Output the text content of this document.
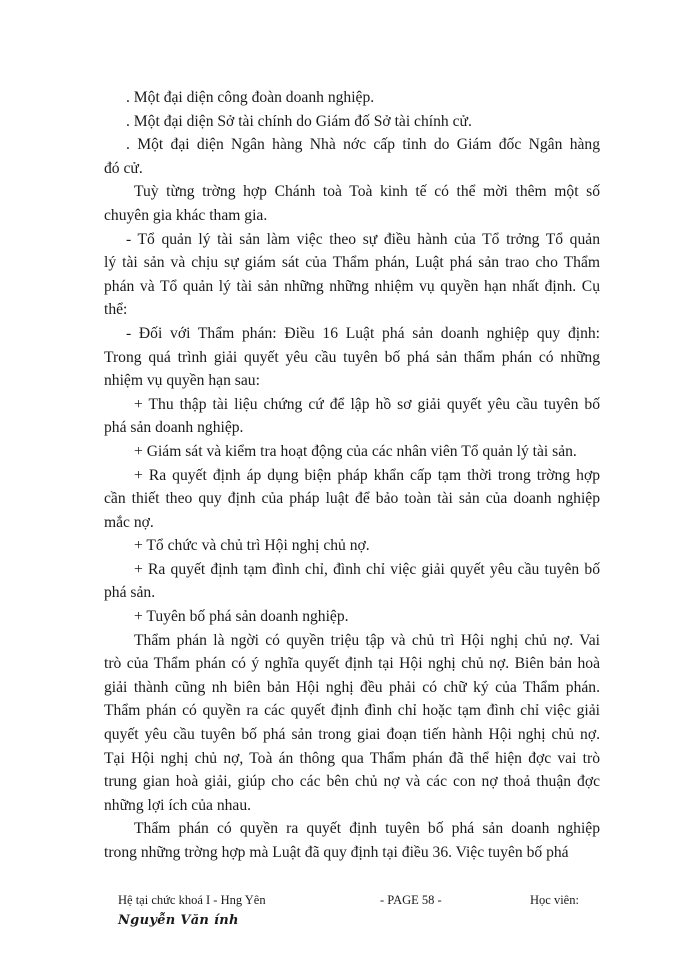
. Một đại diện công đoàn doanh nghiệp.
. Một đại diện Sở tài chính do Giám đố Sở tài chính cử.
. Một đại diện Ngân hàng Nhà nớc cấp tỉnh do Giám đốc Ngân hàng
đó cử.
Tuỳ từng trờng hợp Chánh toà Toà kinh tế có thể mời thêm một số
chuyên gia khác tham gia.
- Tổ quản lý tài sản làm việc theo sự điều hành của Tổ trởng Tổ quản
lý tài sản và chịu sự giám sát của Thẩm phán, Luật phá sản trao cho Thẩm
phán và Tổ quản lý tài sản những những nhiệm vụ quyền hạn nhất định. Cụ
thể:
- Đối với Thẩm phán: Điều 16 Luật phá sản doanh nghiệp quy định:
Trong quá trình giải quyết yêu cầu tuyên bố phá sản thẩm phán có những
nhiệm vụ quyền hạn sau:
+ Thu thập tài liệu chứng cứ để lập hồ sơ giải quyết yêu cầu tuyên bố
phá sản doanh nghiệp.
+ Giám sát và kiểm tra hoạt động của các nhân viên Tổ quản lý tài sản.
+ Ra quyết định áp dụng biện pháp khẩn cấp tạm thời trong trờng hợp
cần thiết theo quy định của pháp luật để bảo toàn tài sản của doanh nghiệp
mắc nợ.
+ Tổ chức và chủ trì Hội nghị chủ nợ.
+ Ra quyết định tạm đình chỉ, đình chỉ việc giải quyết yêu cầu tuyên bố
phá sản.
+ Tuyên bố phá sản doanh nghiệp.
Thẩm phán là ngời có quyền triệu tập và chủ trì Hội nghị chủ nợ. Vai
trò của Thẩm phán có ý nghĩa quyết định tại Hội nghị chủ nợ. Biên bản hoà
giải thành cũng nh biên bản Hội nghị đều phải có chữ ký của Thẩm phán.
Thẩm phán có quyền ra các quyết định đình chỉ hoặc tạm đình chỉ việc giải
quyết yêu cầu tuyên bố phá sản trong giai đoạn tiến hành Hội nghị chủ nợ.
Tại Hội nghị chủ nợ, Toà án thông qua Thẩm phán đã thể hiện đợc vai trò
trung gian hoà giải, giúp cho các bên chủ nợ và các con nợ thoả thuận đợc
những lợi ích của nhau.
Thẩm phán có quyền ra quyết định tuyên bố phá sản doanh nghiệp
trong những trờng hợp mà Luật đã quy định tại điều 36. Việc tuyên bố phá
Hệ tại chức khoá I - Hng Yên	- PAGE 58 -	Học viên:
Nguyễn Văn ính
